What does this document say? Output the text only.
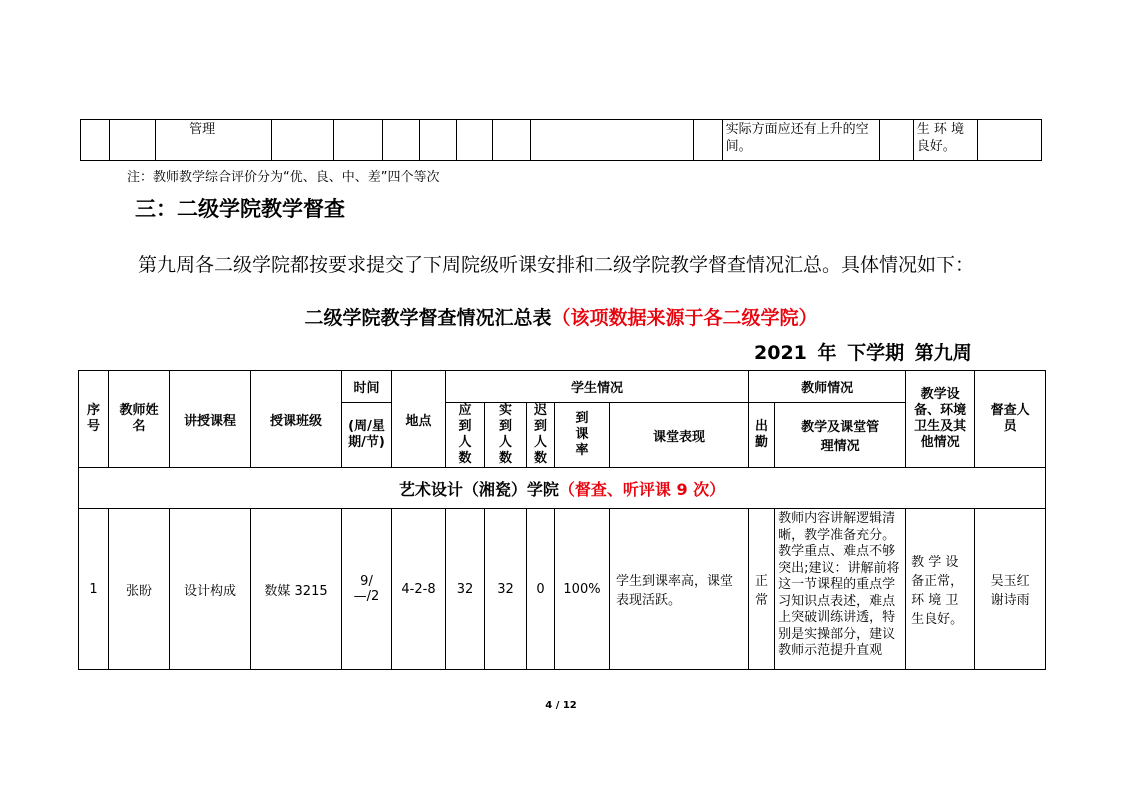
		管理									实际方面应还有上升的空间。		生 环 境 良好。	
注：教师教学综合评价分为“优、良、中、差”四个等次
三：二级学院教学督查
第九周各二级学院都按要求提交了下周院级听课安排和二级学院教学督查情况汇总。具体情况如下：
二级学院教学督查情况汇总表（该项数据来源于各二级学院）
2021 年 下学期 第九周
序号	教师姓名	讲授课程	授课班级	时间	地点	学生情况					教师情况		教学设备、环境卫生及其他情况	督查人员
				(周/星期/节)		应到人数	实到人数	迟到人数	到课率	课堂表现	出勤	教学及课堂管理情况		
艺术设计（湘瓷）学院（督查、听评课 9 次）														
1	张盼	设计构成	数媒 3215	9/—/2	4-2-8	32	32	0	100%	学生到课率高，课堂表现活跃。	正常	教师内容讲解逻辑清晰，教学准备充分。教学重点、难点不够突出;建议：讲解前将这一节课程的重点学习知识点表述，难点上突破训练讲透，特别是实操部分，建议教师示范提升直观	教 学 设 备正常，环 境 卫 生良好。	吴玉红谢诗雨
4 / 12
